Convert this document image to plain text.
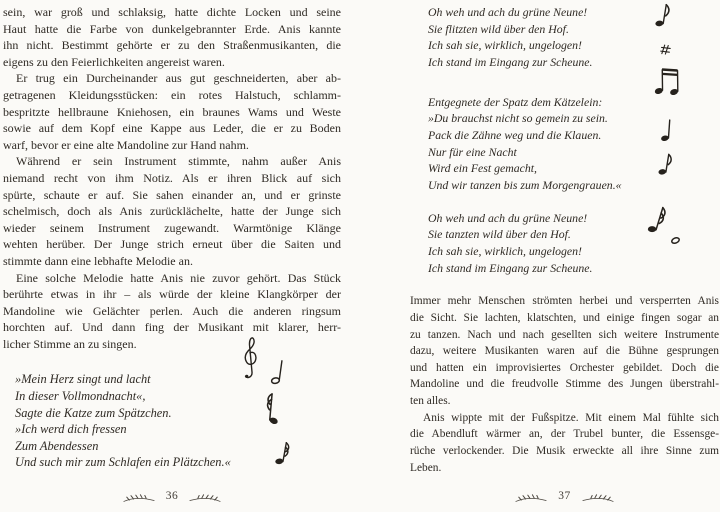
sein, war groß und schlaksig, hatte dichte Locken und seine
Haut hatte die Farbe von dunkelgebrannter Erde. Anis kannte
ihn nicht. Bestimmt gehörte er zu den Straßenmusikanten, die
eigens zu den Feierlichkeiten angereist waren.
Er trug ein Durcheinander aus gut geschneiderten, aber ab-
getragenen Kleidungsstücken: ein rotes Halstuch, schlamm-
bespritzte hellbraune Kniehosen, ein braunes Wams und Weste
sowie auf dem Kopf eine Kappe aus Leder, die er zu Boden
warf, bevor er eine alte Mandoline zur Hand nahm.
Während er sein Instrument stimmte, nahm außer Anis
niemand recht von ihm Notiz. Als er ihren Blick auf sich
spürte, schaute er auf. Sie sahen einander an, und er grinste
schelmisch, doch als Anis zurücklächelte, hatte der Junge sich
wieder seinem Instrument zugewandt. Warmtönige Klänge
wehten herüber. Der Junge strich erneut über die Saiten und
stimmte dann eine lebhafte Melodie an.
Eine solche Melodie hatte Anis nie zuvor gehört. Das Stück
berührte etwas in ihr – als würde der kleine Klangkörper der
Mandoline wie Gelächter perlen. Auch die anderen ringsum
horchten auf. Und dann fing der Musikant mit klarer, herr-
licher Stimme an zu singen.
»Mein Herz singt und lacht
In dieser Vollmondnacht«,
Sagte die Katze zum Spätzchen.
»Ich werd dich fressen
Zum Abendessen
Und such mir zum Schlafen ein Plätzchen.«
Oh weh und ach du grüne Neune!
Sie flitzten wild über den Hof.
Ich sah sie, wirklich, ungelogen!
Ich stand im Eingang zur Scheune.
Entgegnete der Spatz dem Kätzelein:
»Du brauchst nicht so gemein zu sein.
Pack die Zähne weg und die Klauen.
Nur für eine Nacht
Wird ein Fest gemacht,
Und wir tanzen bis zum Morgengrauen.«
Oh weh und ach du grüne Neune!
Sie tanzten wild über den Hof.
Ich sah sie, wirklich, ungelogen!
Ich stand im Eingang zur Scheune.
Immer mehr Menschen strömten herbei und versperrten Anis
die Sicht. Sie lachten, klatschten, und einige fingen sogar an
zu tanzen. Nach und nach gesellten sich weitere Instrumente
dazu, weitere Musikanten waren auf die Bühne gesprungen
und hatten ein improvisiertes Orchester gebildet. Doch die
Mandoline und die freudvolle Stimme des Jungen überstrahl-
ten alles.
Anis wippte mit der Fußspitze. Mit einem Mal fühlte sich
die Abendluft wärmer an, der Trubel bunter, die Essensge-
rüche verlockender. Die Musik erweckte all ihre Sinne zum
Leben.
36	37
